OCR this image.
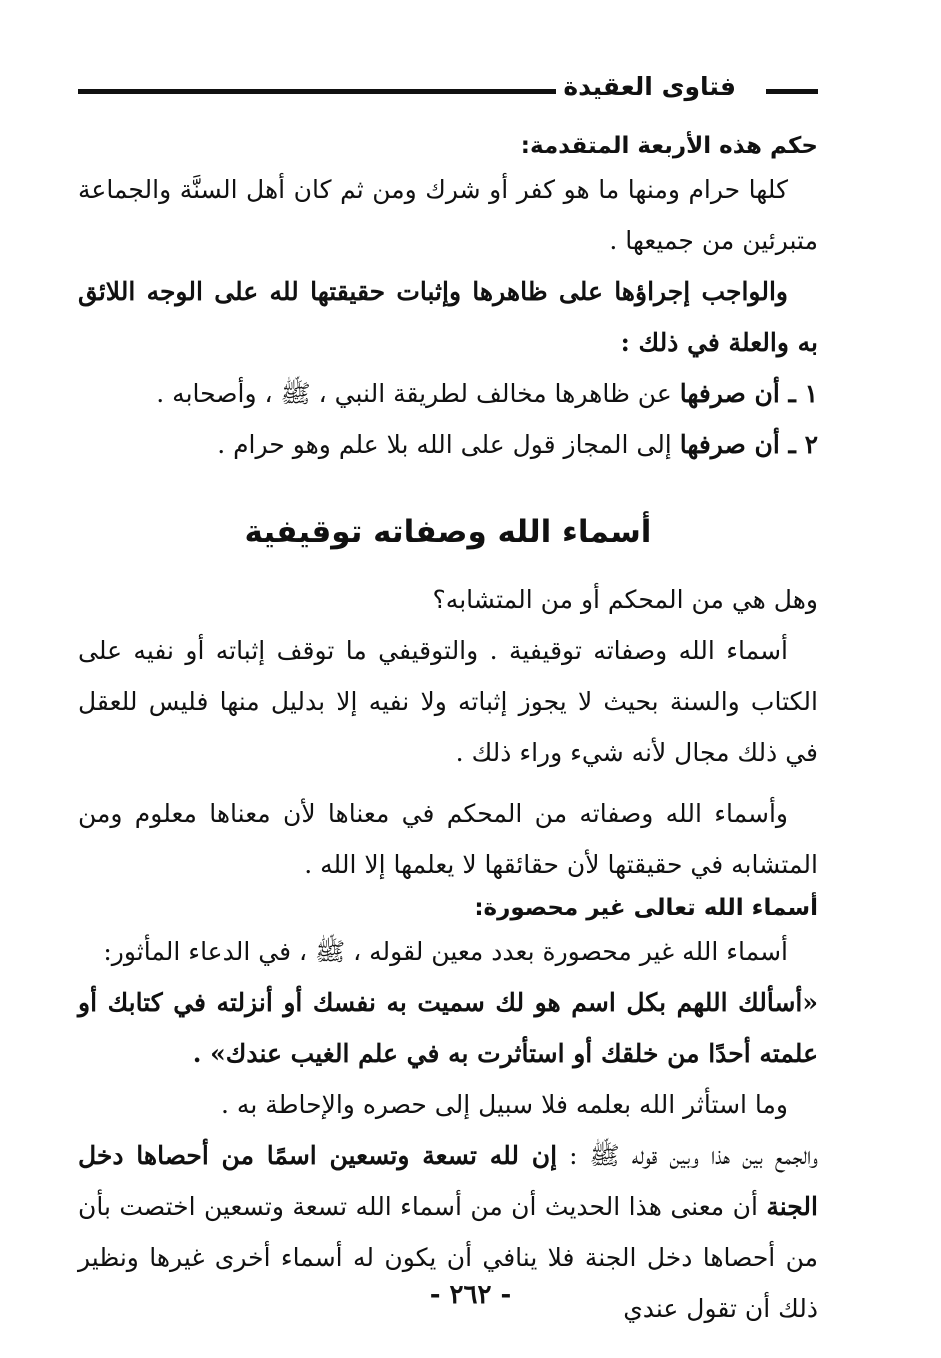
فتاوى العقيدة

حكم هذه الأربعة المتقدمة:

كلها حرام ومنها ما هو كفر أو شرك ومن ثم كان أهل السنَّة والجماعة متبرئين من جميعها .

والواجب إجراؤها على ظاهرها وإثبات حقيقتها لله على الوجه اللائق به والعلة في ذلك :

١ ـ أن صرفها عن ظاهرها مخالف لطريقة النبي ، ﷺ ، وأصحابه .

٢ ـ أن صرفها إلى المجاز قول على الله بلا علم وهو حرام .

أسماء الله وصفاته توقيفية

وهل هي من المحكم أو من المتشابه؟

أسماء الله وصفاته توقيفية . والتوقيفي ما توقف إثباته أو نفيه على الكتاب والسنة بحيث لا يجوز إثباته ولا نفيه إلا بدليل منها فليس للعقل في ذلك مجال لأنه شيء وراء ذلك .

وأسماء الله وصفاته من المحكم في معناها لأن معناها معلوم ومن المتشابه في حقيقتها لأن حقائقها لا يعلمها إلا الله .

أسماء الله تعالى غير محصورة:

أسماء الله غير محصورة بعدد معين لقوله ، ﷺ ، في الدعاء المأثور:

«أسألك اللهم بكل اسم هو لك سميت به نفسك أو أنزلته في كتابك أو علمته أحدًا من خلقك أو استأثرت به في علم الغيب عندك» .

وما استأثر الله بعلمه فلا سبيل إلى حصره والإحاطة به .

والجمع بين هذا وبين قوله ﷺ : إن لله تسعة وتسعين اسمًا من أحصاها دخل الجنة أن معنى هذا الحديث أن من أسماء الله تسعة وتسعين اختصت بأن من أحصاها دخل الجنة فلا ينافي أن يكون له أسماء أخرى غيرها ونظير ذلك أن تقول عندي

- ٢٦٢ -
